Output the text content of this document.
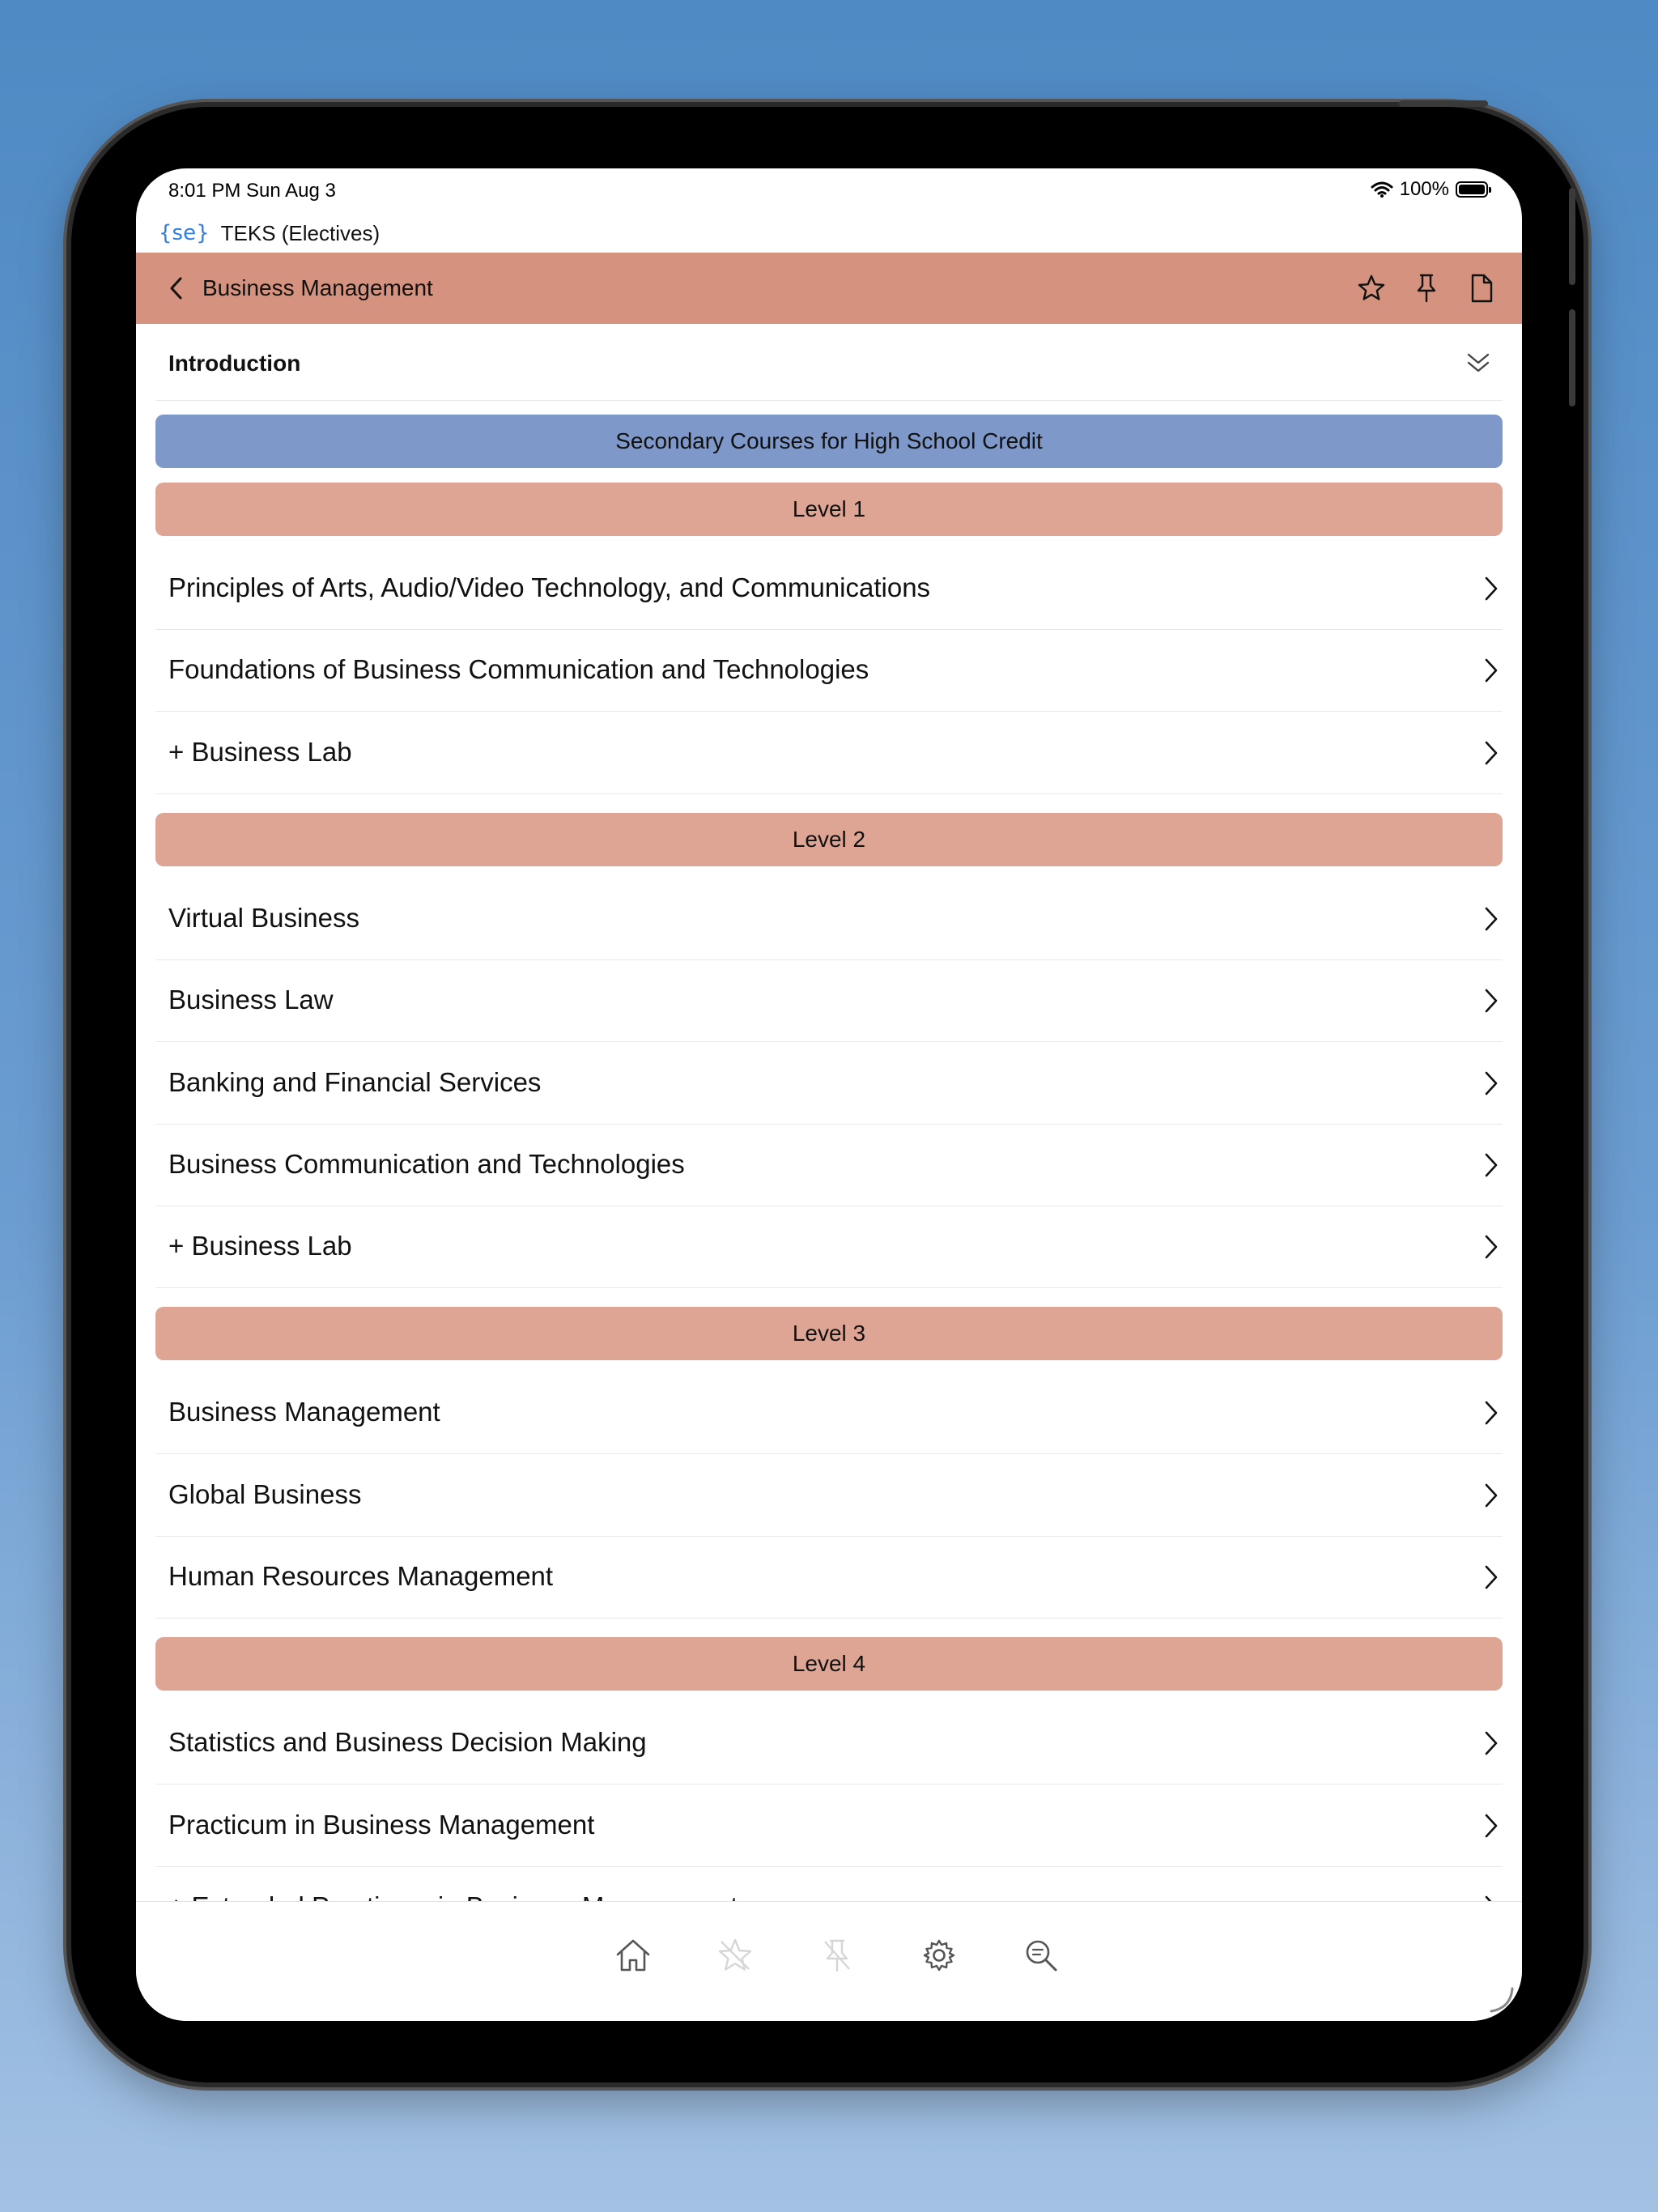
8:01 PM Sun Aug 3	100%
{se} TEKS (Electives)
Business Management
Introduction
Secondary Courses for High School Credit
Level 1
Principles of Arts, Audio/Video Technology, and Communications
Foundations of Business Communication and Technologies
+ Business Lab
Level 2
Virtual Business
Business Law
Banking and Financial Services
Business Communication and Technologies
+ Business Lab
Level 3
Business Management
Global Business
Human Resources Management
Level 4
Statistics and Business Decision Making
Practicum in Business Management
